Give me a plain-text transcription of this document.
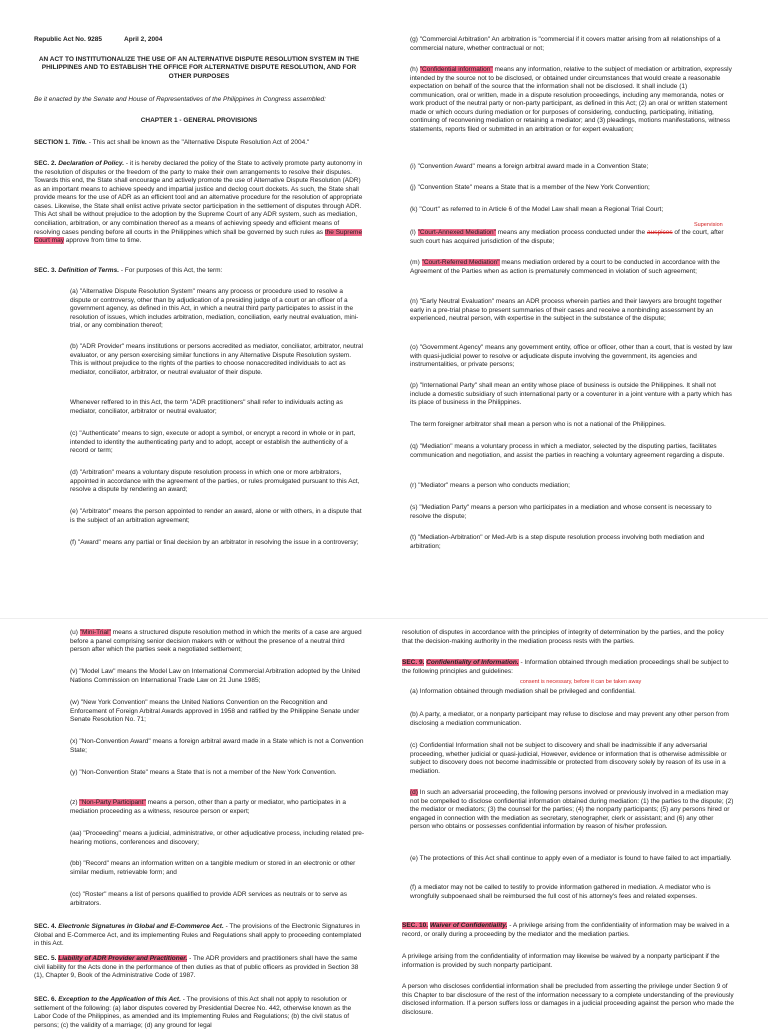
Republic Act No. 9285	April 2, 2004

AN ACT TO INSTITUTIONALIZE THE USE OF AN ALTERNATIVE DISPUTE RESOLUTION SYSTEM IN THE PHILIPPINES AND TO ESTABLISH THE OFFICE FOR ALTERNATIVE DISPUTE RESOLUTION, AND FOR OTHER PURPOSES

Be it enacted by the Senate and House of Representatives of the Philippines in Congress assembled:

CHAPTER 1 - GENERAL PROVISIONS

SECTION 1. Title. - This act shall be known as the "Alternative Dispute Resolution Act of 2004."

SEC. 2. Declaration of Policy. - it is hereby declared the policy of the State to actively promote party autonomy in the resolution of disputes or the freedom of the party to make their own arrangements to resolve their disputes. Towards this end, the State shall encourage and actively promote the use of Alternative Dispute Resolution (ADR) as an important means to achieve speedy and impartial justice and declog court dockets. As such, the State shall provide means for the use of ADR as an efficient tool and an alternative procedure for the resolution of appropriate cases. Likewise, the State shall enlist active private sector participation in the settlement of disputes through ADR. This Act shall be without prejudice to the adoption by the Supreme Court of any ADR system, such as mediation, conciliation, arbitration, or any combination thereof as a means of achieving speedy and efficient means of resolving cases pending before all courts in the Philippines which shall be governed by such rules as the Supreme Court may approve from time to time.

SEC. 3. Definition of Terms. - For purposes of this Act, the term:

(a) "Alternative Dispute Resolution System" means any process or procedure used to resolve a dispute or controversy, other than by adjudication of a presiding judge of a court or an officer of a government agency, as defined in this Act, in which a neutral third party participates to assist in the resolution of issues, which includes arbitration, mediation, conciliation, early neutral evaluation, mini-trial, or any combination thereof;

(b) "ADR Provider" means institutions or persons accredited as mediator, conciliator, arbitrator, neutral evaluator, or any person exercising similar functions in any Alternative Dispute Resolution system. This is without prejudice to the rights of the parties to choose nonaccredited individuals to act as mediator, conciliator, arbitrator, or neutral evaluator of their dispute.

Whenever reffered to in this Act, the term "ADR practitioners" shall refer to individuals acting as mediator, conciliator, arbitrator or neutral evaluator;

(c) "Authenticate" means to sign, execute or adopt a symbol, or encrypt a record in whole or in part, intended to identity the authenticating party and to adopt, accept or establish the authenticity of a record or term;

(d) "Arbitration" means a voluntary dispute resolution process in which one or more arbitrators, appointed in accordance with the agreement of the parties, or rules promulgated pursuant to this Act, resolve a dispute by rendering an award;

(e) "Arbitrator" means the person appointed to render an award, alone or with others, in a dispute that is the subject of an arbitration agreement;

(f) "Award" means any partial or final decision by an arbitrator in resolving the issue in a controversy;

(g) "Commercial Arbitration" An arbitration is "commercial if it covers matter arising from all relationships of a commercial nature, whether contractual or not;

(h) "Confidential information" means any information, relative to the subject of mediation or arbitration, expressly intended by the source not to be disclosed, or obtained under circumstances that would create a reasonable expectation on behalf of the source that the information shall not be disclosed. It shall include (1) communication, oral or written, made in a dispute resolution proceedings, including any memoranda, notes or work product of the neutral party or non-party participant, as defined in this Act; (2) an oral or written statement made or which occurs during mediation or for purposes of considering, conducting, participating, initiating, continuing of reconvening mediation or retaining a mediator; and (3) pleadings, motions manifestations, witness statements, reports filed or submitted in an arbitration or for expert evaluation;

(i) "Convention Award" means a foreign arbitral award made in a Convention State;

(j) "Convention State" means a State that is a member of the New York Convention;

(k) "Court" as referred to in Article 6 of the Model Law shall mean a Regional Trial Court;

Supervision

(l) "Court-Annexed Mediation" means any mediation process conducted under the auspices of the court, after such court has acquired jurisdiction of the dispute;

(m) "Court-Referred Mediation" means mediation ordered by a court to be conducted in accordance with the Agreement of the Parties when as action is prematurely commenced in violation of such agreement;

(n) "Early Neutral Evaluation" means an ADR process wherein parties and their lawyers are brought together early in a pre-trial phase to present summaries of their cases and receive a nonbinding assessment by an experienced, neutral person, with expertise in the subject in the substance of the dispute;

(o) "Government Agency" means any government entity, office or officer, other than a court, that is vested by law with quasi-judicial power to resolve or adjudicate dispute involving the government, its agencies and instrumentalities, or private persons;

(p) "International Party" shall mean an entity whose place of business is outside the Philippines. It shall not include a domestic subsidiary of such international party or a coventurer in a joint venture with a party which has its place of business in the Philippines.

The term foreigner arbitrator shall mean a person who is not a national of the Philippines.

(q) "Mediation" means a voluntary process in which a mediator, selected by the disputing parties, facilitates communication and negotiation, and assist the parties in reaching a voluntary agreement regarding a dispute.

(r) "Mediator" means a person who conducts mediation;

(s) "Mediation Party" means a person who participates in a mediation and whose consent is necessary to resolve the dispute;

(t) "Mediation-Arbitration" or Med-Arb is a step dispute resolution process involving both mediation and arbitration;

(u) "Mini-Trial" means a structured dispute resolution method in which the merits of a case are argued before a panel comprising senior decision makers with or without the presence of a neutral third person after which the parties seek a negotiated settlement;

(v) "Model Law" means the Model Law on International Commercial Arbitration adopted by the United Nations Commission on International Trade Law on 21 June 1985;

(w) "New York Convention" means the United Nations Convention on the Recognition and Enforcement of Foreign Arbitral Awards approved in 1958 and ratified by the Philippine Senate under Senate Resolution No. 71;

(x) "Non-Convention Award" means a foreign arbitral award made in a State which is not a Convention State;

(y) "Non-Convention State" means a State that is not a member of the New York Convention.

(z) "Non-Party Participant" means a person, other than a party or mediator, who participates in a mediation proceeding as a witness, resource person or expert;

(aa) "Proceeding" means a judicial, administrative, or other adjudicative process, including related pre-hearing motions, conferences and discovery;

(bb) "Record" means an information written on a tangible medium or stored in an electronic or other similar medium, retrievable form; and

(cc) "Roster" means a list of persons qualified to provide ADR services as neutrals or to serve as arbitrators.

SEC. 4. Electronic Signatures in Global and E-Commerce Act. - The provisions of the Electronic Signatures in Global and E-Commerce Act, and its implementing Rules and Regulations shall apply to proceeding contemplated in this Act.

SEC. 5. Liability of ADR Provider and Practitioner. - The ADR providers and practitioners shall have the same civil liability for the Acts done in the performance of then duties as that of public officers as provided in Section 38 (1), Chapter 9, Book of the Administrative Code of 1987.

SEC. 6. Exception to the Application of this Act. - The provisions of this Act shall not apply to resolution or settlement of the following: (a) labor disputes covered by Presidential Decree No. 442, otherwise known as the Labor Code of the Philippines, as amended and its Implementing Rules and Regulations; (b) the civil status of persons; (c) the validity of a marriage; (d) any ground for legal

resolution of disputes in accordance with the principles of integrity of determination by the parties, and the policy that the decision-making authority in the mediation process rests with the parties.

SEC. 9. Confidentiality of Information. - Information obtained through mediation proceedings shall be subject to the following principles and guidelines:

consent is necessary, before it can be taken away

(a) Information obtained through mediation shall be privileged and confidential.

(b) A party, a mediator, or a nonparty participant may refuse to disclose and may prevent any other person from disclosing a mediation communication.

(c) Confidential Information shall not be subject to discovery and shall be inadmissible if any adversarial proceeding, whether judicial or quasi-judicial, However, evidence or information that is otherwise admissible or subject to discovery does not become inadmissible or protected from discovery solely by reason of its use in a mediation.

(d) In such an adversarial proceeding, the following persons involved or previously involved in a mediation may not be compelled to disclose confidential information obtained during mediation: (1) the parties to the dispute; (2) the mediator or mediators; (3) the counsel for the parties; (4) the nonparty participants; (5) any persons hired or engaged in connection with the mediation as secretary, stenographer, clerk or assistant; and (6) any other person who obtains or possesses confidential information by reason of his/her profession.

(e) The protections of this Act shall continue to apply even of a mediator is found to have failed to act impartially.

(f) a mediator may not be called to testify to provide information gathered in mediation. A mediator who is wrongfully subpoenaed shall be reimbursed the full cost of his attorney's fees and related expenses.

SEC. 10. Waiver of Confidentiality. - A privilege arising from the confidentiality of information may be waived in a record, or orally during a proceeding by the mediator and the mediation parties.

A privilege arising from the confidentiality of information may likewise be waived by a nonparty participant if the information is provided by such nonparty participant.

A person who discloses confidential information shall be precluded from asserting the privilege under Section 9 of this Chapter to bar disclosure of the rest of the information necessary to a complete understanding of the previously disclosed information. If a person suffers loss or damages in a judicial proceeding against the person who made the disclosure.
